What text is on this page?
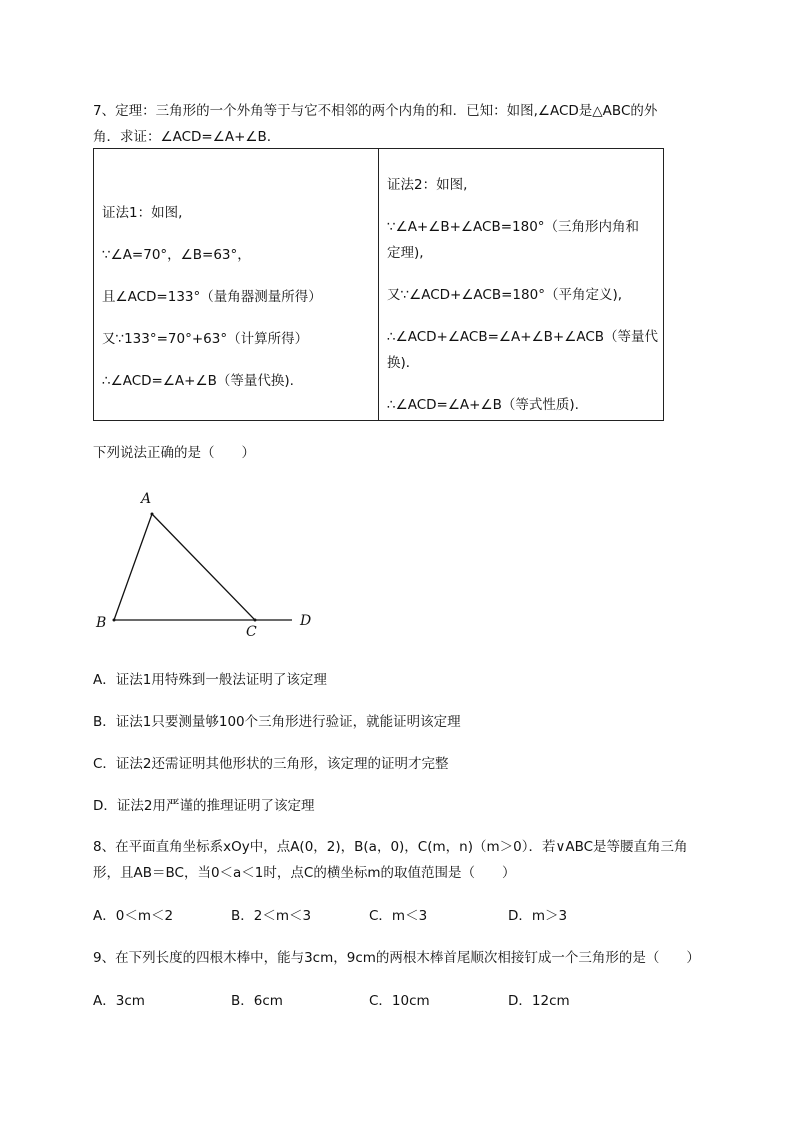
7、定理：三角形的一个外角等于与它不相邻的两个内角的和．已知：如图,∠ACD是△ABC的外
角．求证：∠ACD=∠A+∠B.
证法1：如图,
∵∠A=70°，∠B=63°，
且∠ACD=133°（量角器测量所得）
又∵133°=70°+63°（计算所得）
∴∠ACD=∠A+∠B（等量代换).

证法2：如图,
∵∠A+∠B+∠ACB=180°（三角形内角和
定理),
又∵∠ACD+∠ACB=180°（平角定义),
∴∠ACD+∠ACB=∠A+∠B+∠ACB（等量代
换)．
∴∠ACD=∠A+∠B（等式性质).
下列说法正确的是（　　）
A
B
C
D
A．证法1用特殊到一般法证明了该定理
B．证法1只要测量够100个三角形进行验证，就能证明该定理
C．证法2还需证明其他形状的三角形，该定理的证明才完整
D．证法2用严谨的推理证明了该定理
8、在平面直角坐标系xOy中，点A(0，2)，B(a，0)，C(m，n)（m＞0）．若∨ABC是等腰直角三角
形，且AB＝BC，当0＜a＜1时，点C的横坐标m的取值范围是（　　）
A．0＜m＜2	B．2＜m＜3	C．m＜3	D．m＞3
9、在下列长度的四根木棒中，能与3cm，9cm的两根木棒首尾顺次相接钉成一个三角形的是（　　）
A．3cm	B．6cm	C．10cm	D．12cm
